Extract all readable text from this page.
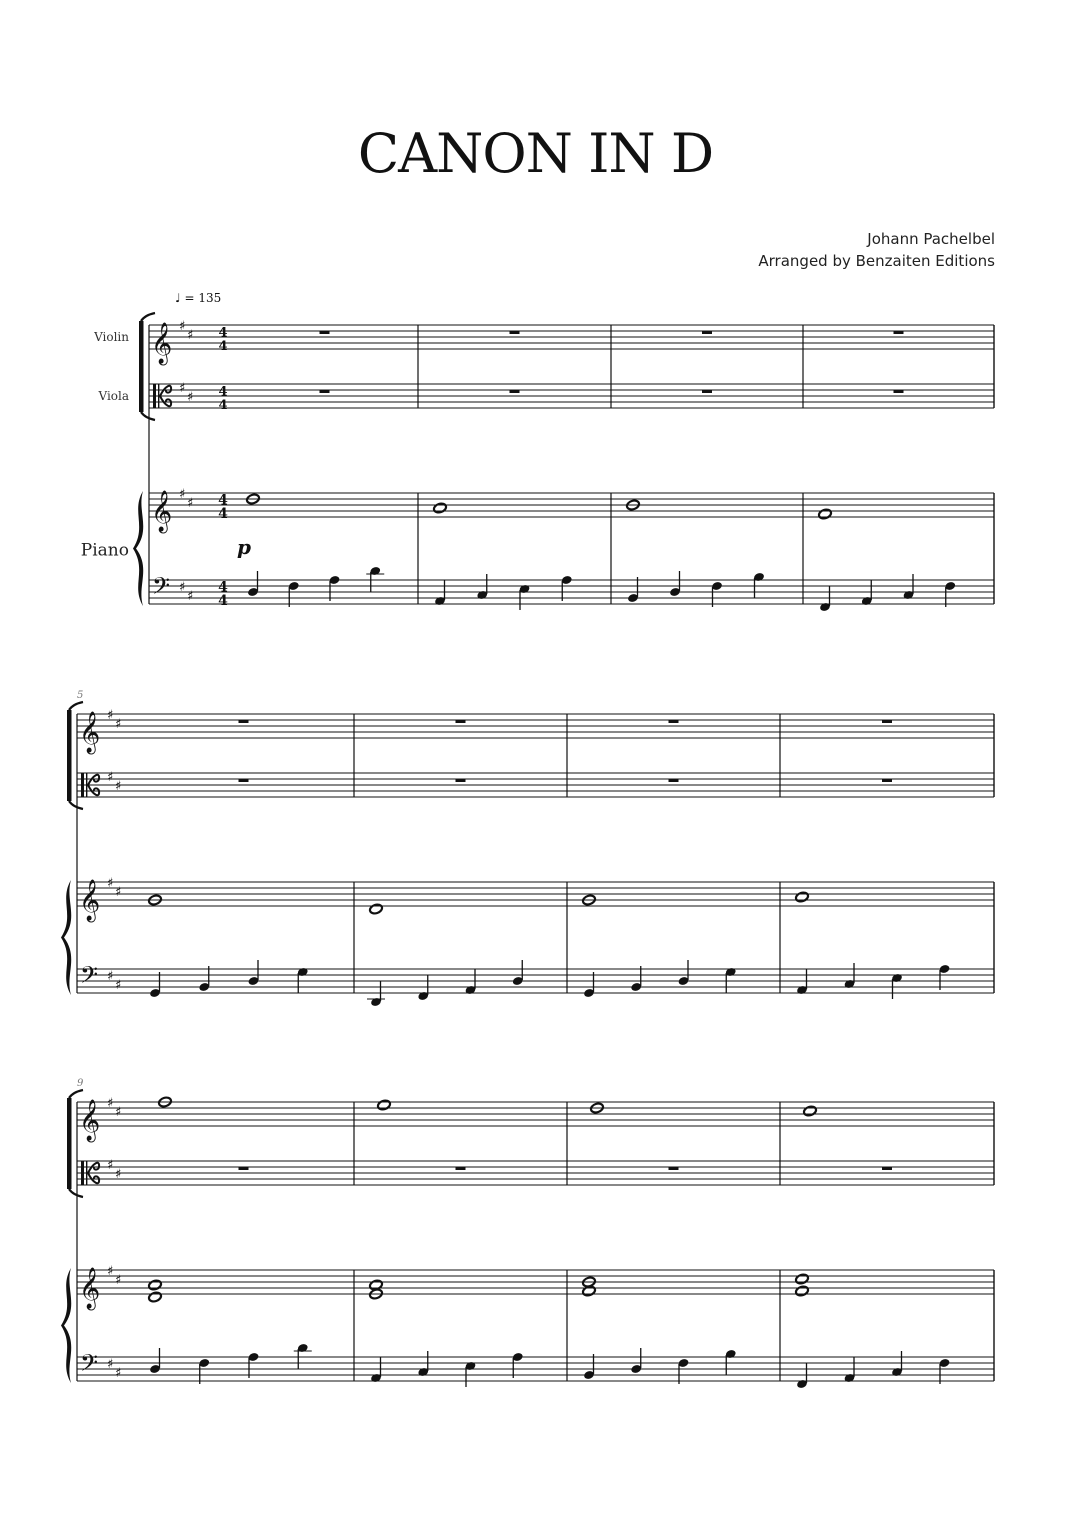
CANON IN D
Johann Pachelbel
Arranged by Benzaiten Editions
♩ = 135
𝄞
𝄞
𝄢
♯
♯
♯
♯
♯
♯
♯
♯
4
4
4
4
4
4
4
4
Violin
Viola
Piano	p
𝄞
𝄞
𝄢
♯
♯
♯
♯
♯
♯
♯
♯
5
𝄞
𝄞
𝄢
♯
♯
♯
♯
♯
♯
♯
♯
9
